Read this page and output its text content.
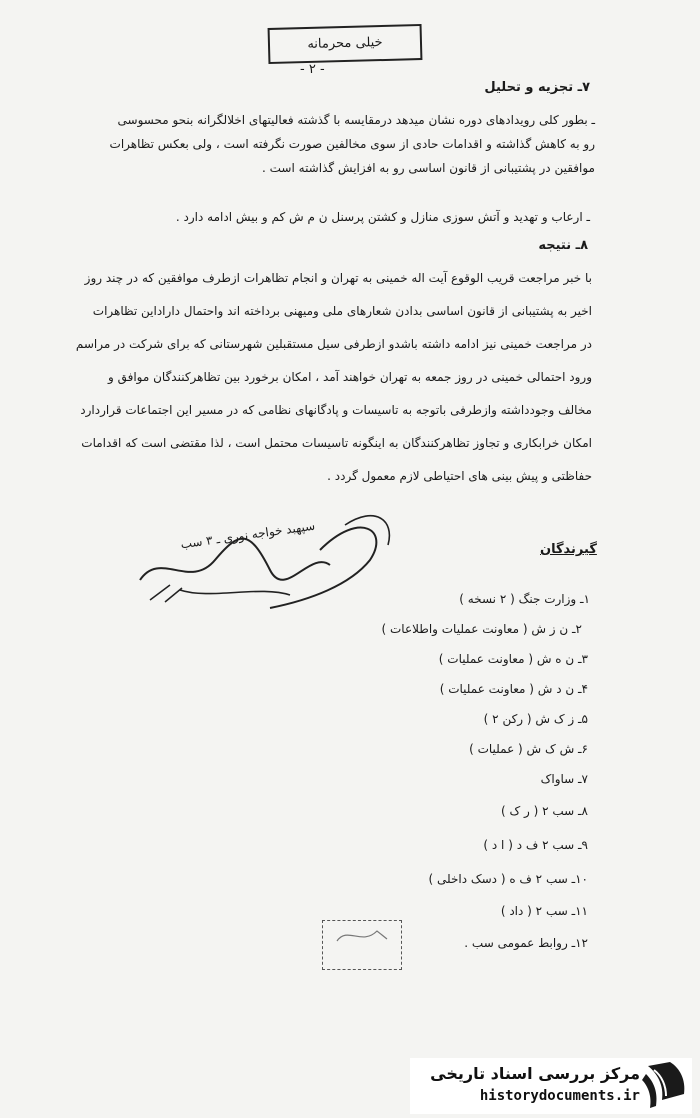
خیلی محرمانه
- ۲ -
۷ـ تجزیه و تحلیل
ـ بطور کلی رویدادهای دوره نشان میدهد درمقایسه با گذشته فعالیتهای اخلالگرانه بنحو محسوسی
رو به کاهش گذاشته و اقدامات حادی از سوی مخالفین صورت نگرفته است ، ولی بعکس تظاهرات
موافقین در پشتیبانی از قانون اساسی رو به افزایش گذاشته است .
ـ ارعاب و تهدید و آتش سوزی منازل و کشتن پرسنل ن م ش کم و بیش ادامه دارد .
۸ـ نتیجه
با خبر مراجعت قریب الوقوع آیت اله خمینی به تهران و انجام تظاهرات ازطرف موافقین که در چند روز
اخیر به پشتیبانی از قانون اساسی بدادن شعارهای ملی ومیهنی برداخته اند واحتمال داراداین تظاهرات
در مراجعت خمینی نیز ادامه داشته باشدو ازطرفی سیل مستقبلین شهرستانی که برای شرکت در مراسم
ورود احتمالی خمینی در روز جمعه به تهران خواهند آمد ، امکان برخورد بین تظاهرکنندگان موافق و
مخالف وجودداشته وازطرفی باتوجه به تاسیسات و پادگانهای نظامی که در مسیر این اجتماعات قراردارد
امکان خرابکاری و تجاوز تظاهرکنندگان به اینگونه تاسیسات محتمل است ، لذا مقتضی است که اقدامات
حفاظتی و پیش بینی های احتیاطی لازم معمول گردد .
سپهبد خواجه نوری ـ ۳ سب
گیرندگان
۱ـ وزارت جنگ ( ۲ نسخه )
۲ـ ن ز ش ( معاونت عملیات واطلاعات )
۳ـ ن ه ش ( معاونت عملیات )
۴ـ ن د ش ( معاونت عملیات )
۵ـ ز ک ش ( رکن ۲ )
۶ـ ش ک ش ( عملیات )
۷ـ ساواک
۸ـ سب ۲ ( ر ک )
۹ـ سب ۲ ف د ( ا د )
۱۰ـ سب ۲ ف ه ( دسک داخلی )
۱۱ـ سب ۲ ( داد )
۱۲ـ روابط عمومی سب .
مرکز بررسی اسناد تاریخی
historydocuments.ir
